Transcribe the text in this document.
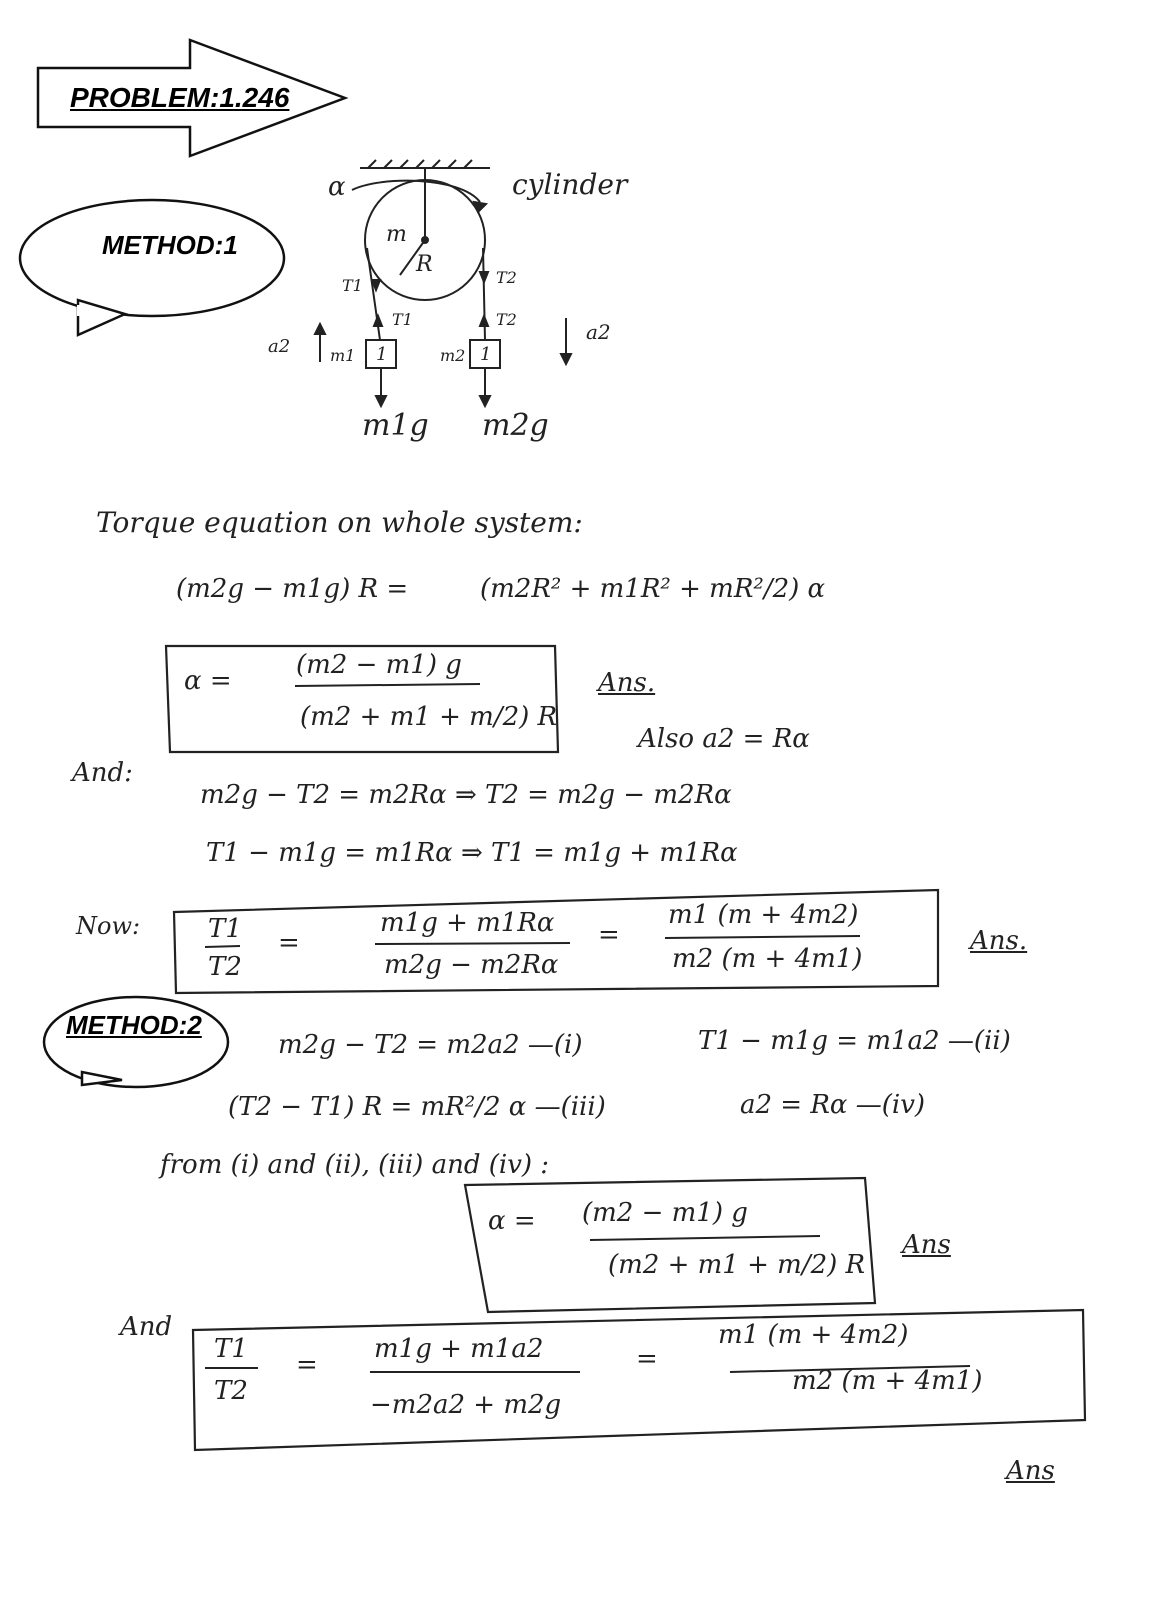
PROBLEM:1.246
METHOD:1
METHOD:2
α	cylinder
m
R
T1	T2
T1	T2
a2
a2
m1	m2
1	1
m1g m2g
Torque equation on whole system:
(m2g − m1g) R =	(m2R² + m1R² + mR²/2) α
α =
(m2 − m1) g
(m2 + m1 + m/2) R
Ans.
Also a2 = Rα
And:
m2g − T2 = m2Rα ⇒ T2 = m2g − m2Rα
T1 − m1g = m1Rα ⇒ T1 = m1g + m1Rα
Now:	T1
T2
=
m1g + m1Rα
m2g − m2Rα
=
m1 (m + 4m2)
m2 (m + 4m1)
Ans.
m2g − T2 = m2a2 —(i)	T1 − m1g = m1a2 —(ii)
(T2 − T1) R = mR²/2 α —(iii)	a2 = Rα —(iv)
from (i) and (ii), (iii) and (iv) :
α = (m2 − m1) g
(m2 + m1 + m/2) R
Ans
And
T1
T2
=
m1g + m1a2
−m2a2 + m2g
=
m1 (m + 4m2)
m2 (m + 4m1)
Ans
